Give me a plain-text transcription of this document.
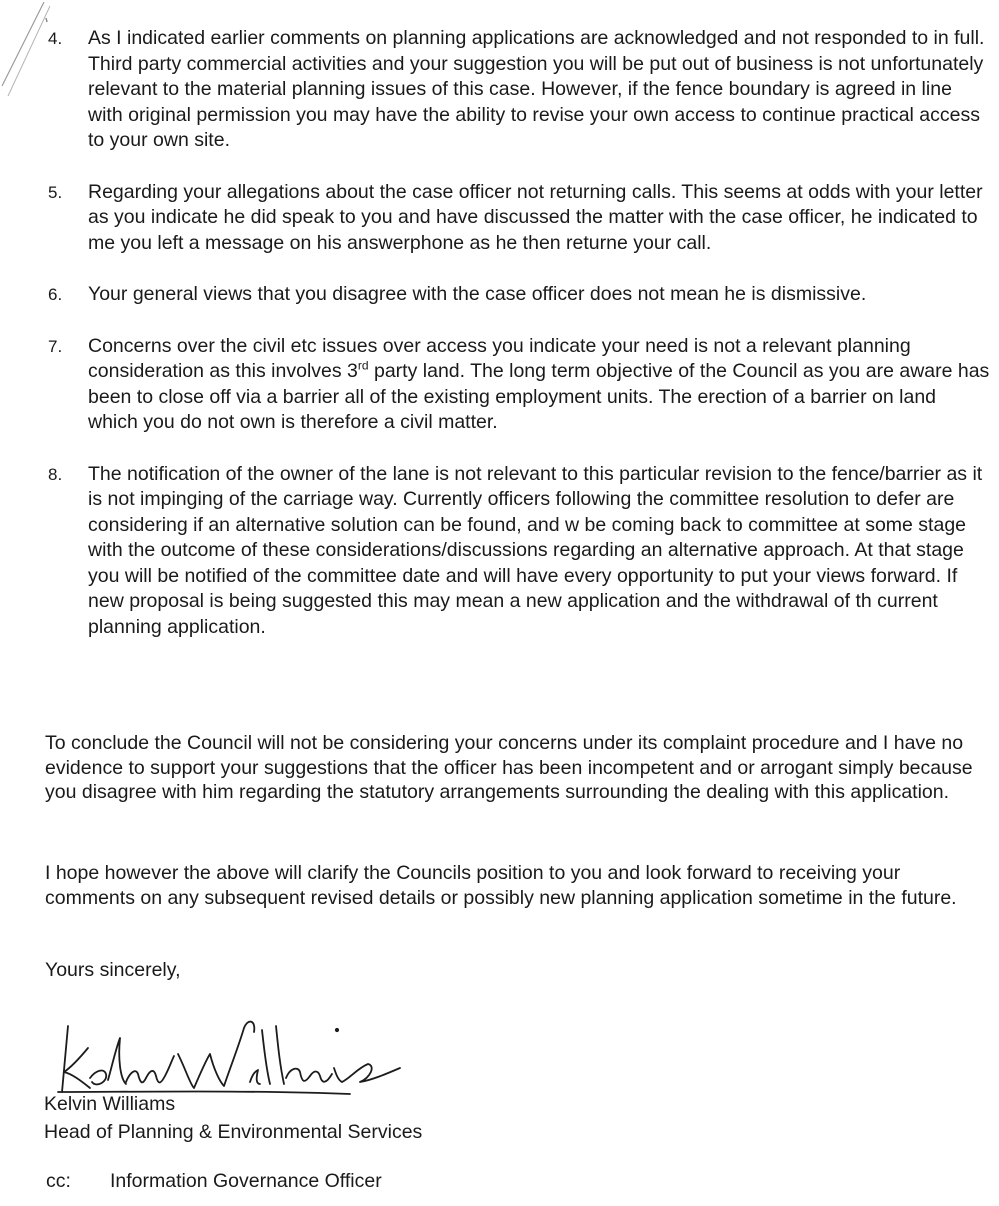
4. As I indicated earlier comments on planning applications are acknowledged and not responded to in full. Third party commercial activities and your suggestion you will be put out of business is not unfortunately relevant to the material planning issues of this case. However, if the fence boundary is agreed in line with original permission you may have the ability to revise your own access to continue practical access to your own site.
5. Regarding your allegations about the case officer not returning calls. This seems at odds with your letter as you indicate he did speak to you and have discussed the matter with the case officer, he indicated to me you left a message on his answerphone as he then returne your call.
6. Your general views that you disagree with the case officer does not mean he is dismissive.
7. Concerns over the civil etc issues over access you indicate your need is not a relevant planning consideration as this involves 3rd party land. The long term objective of the Council as you are aware has been to close off via a barrier all of the existing employment units. The erection of a barrier on land which you do not own is therefore a civil matter.
8. The notification of the owner of the lane is not relevant to this particular revision to the fence/barrier as it is not impinging of the carriage way. Currently officers following the committee resolution to defer are considering if an alternative solution can be found, and w be coming back to committee at some stage with the outcome of these considerations/discussions regarding an alternative approach. At that stage you will be notified of the committee date and will have every opportunity to put your views forward. If new proposal is being suggested this may mean a new application and the withdrawal of th current planning application.

To conclude the Council will not be considering your concerns under its complaint procedure and I have no evidence to support your suggestions that the officer has been incompetent and or arrogant simply because you disagree with him regarding the statutory arrangements surrounding the dealing with this application.

I hope however the above will clarify the Councils position to you and look forward to receiving your comments on any subsequent revised details or possibly new planning application sometime in the future.

Yours sincerely,

Kelvin Williams
Head of Planning & Environmental Services
cc: Information Governance Officer
